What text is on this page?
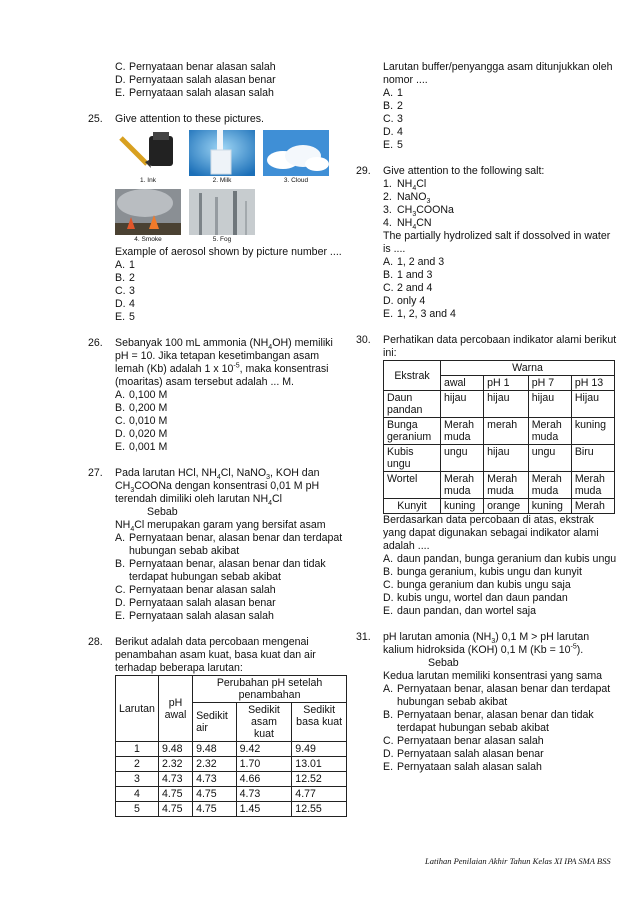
C. Pernyataan benar alasan salah
D. Pernyataan salah alasan benar
E. Pernyataan salah alasan salah
25. Give attention to these pictures.
1. Ink	2. Milk	3. Cloud
4. Smoke	5. Fog
Example of aerosol shown by picture number ....
A. 1
B. 2
C. 3
D. 4
E. 5
26. Sebanyak 100 mL ammonia $(NH_4OH)$ memiliki pH = 10. Jika tetapan kesetimbangan asam lemah (Kb) adalah 1 x $10^{-5}$, maka konsentrasi (moaritas) asam tersebut adalah ... M.
A. 0,100 M
B. 0,200 M
C. 0,010 M
D. 0,020 M
E. 0,001 M
27. Pada larutan HCl, $NH_4Cl$, NaNO$_3$, KOH dan
$CH_3COONa$ dengan konsentrasi 0,01 M pH
terendah dimiliki oleh larutan $NH_4Cl$
Sebab
$NH_4Cl$ merupakan garam yang bersifat asam
A. Pernyataan benar, alasan benar dan terdapat hubungan sebab akibat
B. Pernyataan benar, alasan benar dan tidak terdapat hubungan sebab akibat
C. Pernyataan benar alasan salah
D. Pernyataan salah alasan benar
E. Pernyataan salah alasan salah
28. Berikut adalah data percobaan mengenai penambahan asam kuat, basa kuat dan air terhadap beberapa larutan:
Larutan	pH awal	Perubahan pH setelah penambahan		
		Sedikit air	Sedikit asam kuat	Sedikit basa kuat
1	9.48	9.48	9.42	9.49
2	2.32	2.32	1.70	13.01
3	4.73	4.73	4.66	12.52
4	4.75	4.75	4.73	4.77
5	4.75	4.75	1.45	12.55
Larutan buffer/penyangga asam ditunjukkan oleh nomor ....
A. 1
B. 2
C. 3
D. 4
E. 5
29. Give attention to the following salt:
1. $NH_4Cl$
2. NaNO$_3$
3. $CH_3COONa$
4. $NH_4CN$
The partially hydrolized salt if dossolved in water is ....
A. 1, 2 and 3
B. 1 and 3
C. 2 and 4
D. only 4
E. 1, 2, 3 and 4
30. Perhatikan data percobaan indikator alami berikut ini:
Ekstrak	Warna			
	awal	pH 1	pH 7	pH 13
Daun pandan	hijau	hijau	hijau	Hijau
Bunga geranium	Merah muda	merah	Merah muda	kuning
Kubis ungu	ungu	hijau	ungu	Biru
Wortel	Merah muda	Merah muda	Merah muda	Merah muda
Kunyit	kuning	orange	kuning	Merah
Berdasarkan data percobaan di atas, ekstrak yang dapat digunakan sebagai indikator alami adalah ....
A. daun pandan, bunga geranium dan kubis ungu
B. bunga geranium, kubis ungu dan kunyit
C. bunga geranium dan kubis ungu saja
D. kubis ungu, wortel dan daun pandan
E. daun pandan, dan wortel saja
31. pH larutan amonia $(NH_3)$ 0,1 M > pH larutan
kalium hidroksida (KOH) 0,1 M $(Kb = 10^{-5})$.
Sebab
Kedua larutan memiliki konsentrasi yang sama
A. Pernyataan benar, alasan benar dan terdapat hubungan sebab akibat
B. Pernyataan benar, alasan benar dan tidak terdapat hubungan sebab akibat
C. Pernyataan benar alasan salah
D. Pernyataan salah alasan benar
E. Pernyataan salah alasan salah
Latihan Penilaian Akhir Tahun Kelas XI IPA SMA BSS
